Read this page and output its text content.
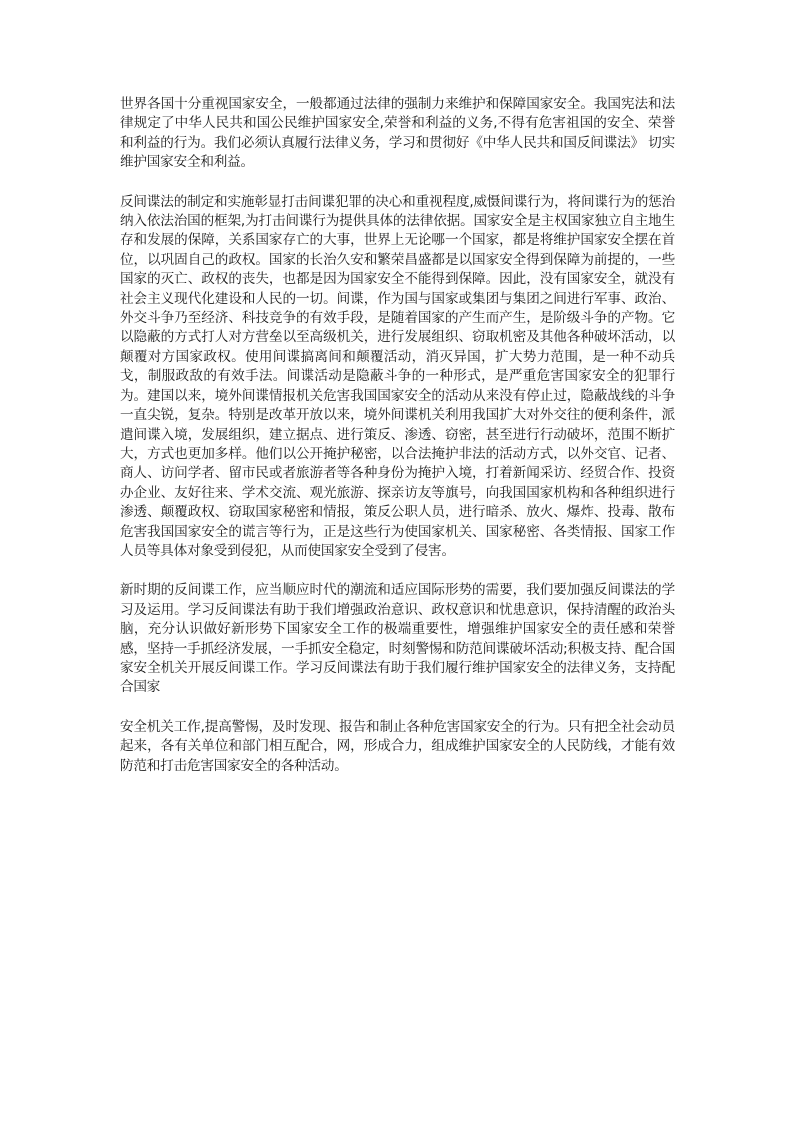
世界各国十分重视国家安全，一般都通过法律的强制力来维护和保障国家安全。我国宪法和法律规定了中华人民共和国公民维护国家安全,荣誉和利益的义务,不得有危害祖国的安全、荣誉和利益的行为。我们必须认真履行法律义务，学习和贯彻好《中华人民共和国反间谍法》 切实维护国家安全和利益。

反间谍法的制定和实施彰显打击间谍犯罪的决心和重视程度,威慑间谍行为，将间谍行为的惩治纳入依法治国的框架,为打击间谍行为提供具体的法律依据。国家安全是主权国家独立自主地生存和发展的保障，关系国家存亡的大事，世界上无论哪一个国家，都是将维护国家安全摆在首位，以巩固自己的政权。国家的长治久安和繁荣昌盛都是以国家安全得到保障为前提的，一些国家的灭亡、政权的丧失，也都是因为国家安全不能得到保障。因此，没有国家安全，就没有社会主义现代化建设和人民的一切。间谍，作为国与国家或集团与集团之间进行军事、政治、外交斗争乃至经济、科技竞争的有效手段，是随着国家的产生而产生，是阶级斗争的产物。它以隐蔽的方式打人对方营垒以至高级机关，进行发展组织、窃取机密及其他各种破坏活动，以颠覆对方国家政权。使用间谍搞离间和颠覆活动，消灭异国，扩大势力范围，是一种不动兵戈，制服政敌的有效手法。间谍活动是隐蔽斗争的一种形式，是严重危害国家安全的犯罪行为。建国以来，境外间谍情报机关危害我国国家安全的活动从来没有停止过，隐蔽战线的斗争一直尖锐，复杂。特别是改革开放以来，境外间谍机关利用我国扩大对外交往的便利条件，派遣间谍入境，发展组织，建立据点、进行策反、渗透、窃密，甚至进行行动破坏，范围不断扩大，方式也更加多样。他们以公开掩护秘密，以合法掩护非法的活动方式，以外交官、记者、商人、访问学者、留市民或者旅游者等各种身份为掩护入境，打着新闻采访、经贸合作、投资办企业、友好往来、学术交流、观光旅游、探亲访友等旗号，向我国国家机构和各种组织进行渗透、颠覆政权、窃取国家秘密和情报，策反公职人员，进行暗杀、放火、爆炸、投毒、散布危害我国国家安全的谎言等行为，正是这些行为使国家机关、国家秘密、各类情报、国家工作人员等具体对象受到侵犯，从而使国家安全受到了侵害。

新时期的反间谍工作，应当顺应时代的潮流和适应国际形势的需要，我们要加强反间谍法的学习及运用。学习反间谍法有助于我们增强政治意识、政权意识和忧患意识，保持清醒的政治头脑，充分认识做好新形势下国家安全工作的极端重要性，增强维护国家安全的责任感和荣誉感，坚持一手抓经济发展，一手抓安全稳定，时刻警惕和防范间谍破坏活动;积极支持、配合国家安全机关开展反间谍工作。学习反间谍法有助于我们履行维护国家安全的法律义务，支持配合国家

安全机关工作,提高警惕，及时发现、报告和制止各种危害国家安全的行为。只有把全社会动员起来，各有关单位和部门相互配合，网，形成合力，组成维护国家安全的人民防线，才能有效防范和打击危害国家安全的各种活动。
